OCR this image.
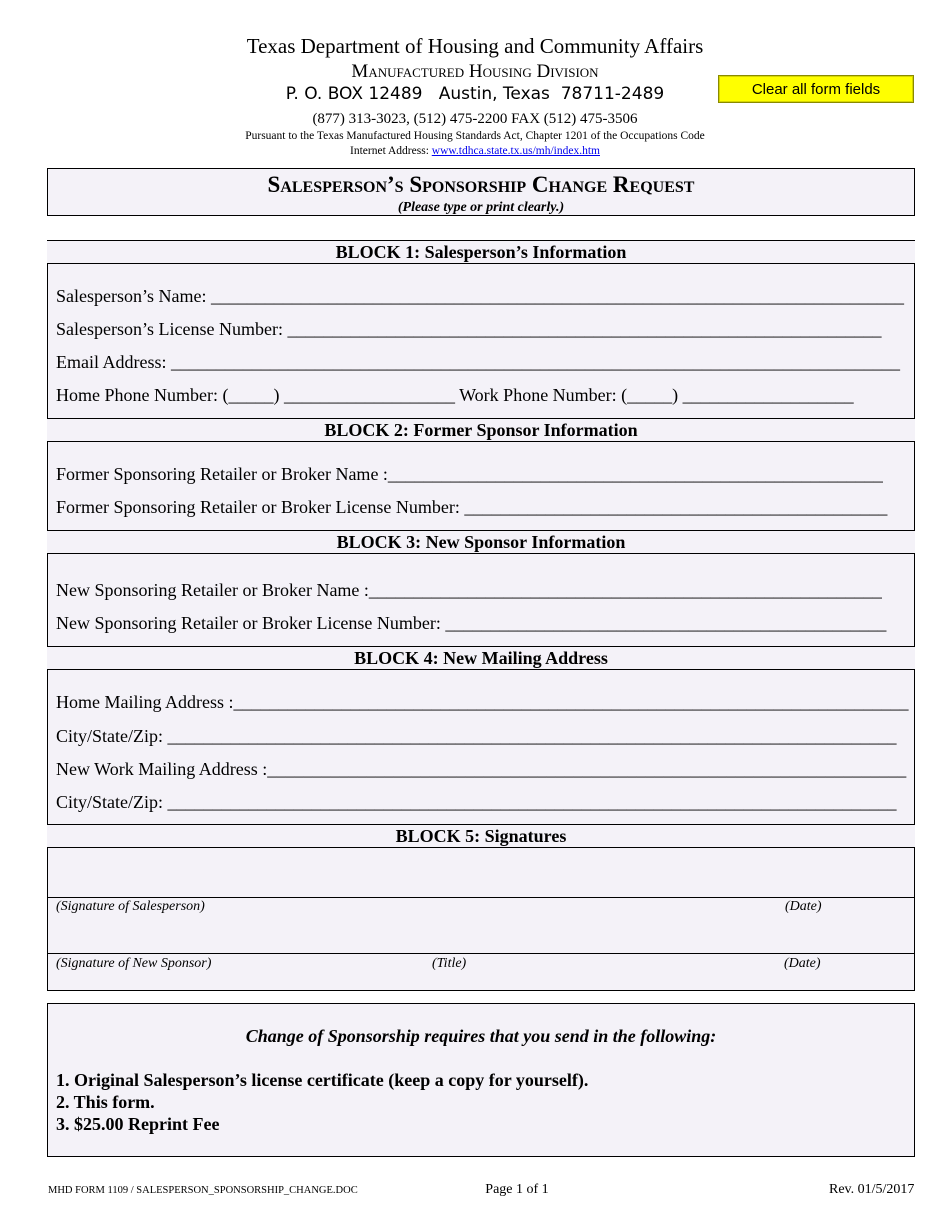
Texas Department of Housing and Community Affairs
Manufactured Housing Division
P. O. BOX 12489   Austin, Texas  78711-2489
(877) 313-3023, (512) 475-2200 FAX (512) 475-3506
Pursuant to the Texas Manufactured Housing Standards Act, Chapter 1201 of the Occupations Code
Internet Address: www.tdhca.state.tx.us/mh/index.htm
Clear all form fields
Salesperson’s Sponsorship Change Request
(Please type or print clearly.)
BLOCK 1: Salesperson’s Information
Salesperson’s Name: _____________________________________________________________________________
Salesperson’s License Number: __________________________________________________________________
Email Address: _________________________________________________________________________________
Home Phone Number: (_____) ___________________ Work Phone Number: (_____) ___________________
BLOCK 2: Former Sponsor Information
Former Sponsoring Retailer or Broker Name :_______________________________________________________
Former Sponsoring Retailer or Broker License Number: _______________________________________________
BLOCK 3: New Sponsor Information
New Sponsoring Retailer or Broker Name :_________________________________________________________
New Sponsoring Retailer or Broker License Number: _________________________________________________
BLOCK 4: New Mailing Address
Home Mailing Address :___________________________________________________________________________
City/State/Zip: _________________________________________________________________________________
New Work Mailing Address :_______________________________________________________________________
City/State/Zip: _________________________________________________________________________________
BLOCK 5: Signatures
(Signature of Salesperson)	(Date)
(Signature of New Sponsor)	(Title)	(Date)
Change of Sponsorship requires that you send in the following:
1. Original Salesperson’s license certificate (keep a copy for yourself).
2. This form.
3. $25.00 Reprint Fee
MHD FORM 1109 / SALESPERSON_SPONSORSHIP_CHANGE.DOC	Page 1 of 1	Rev. 01/5/2017
